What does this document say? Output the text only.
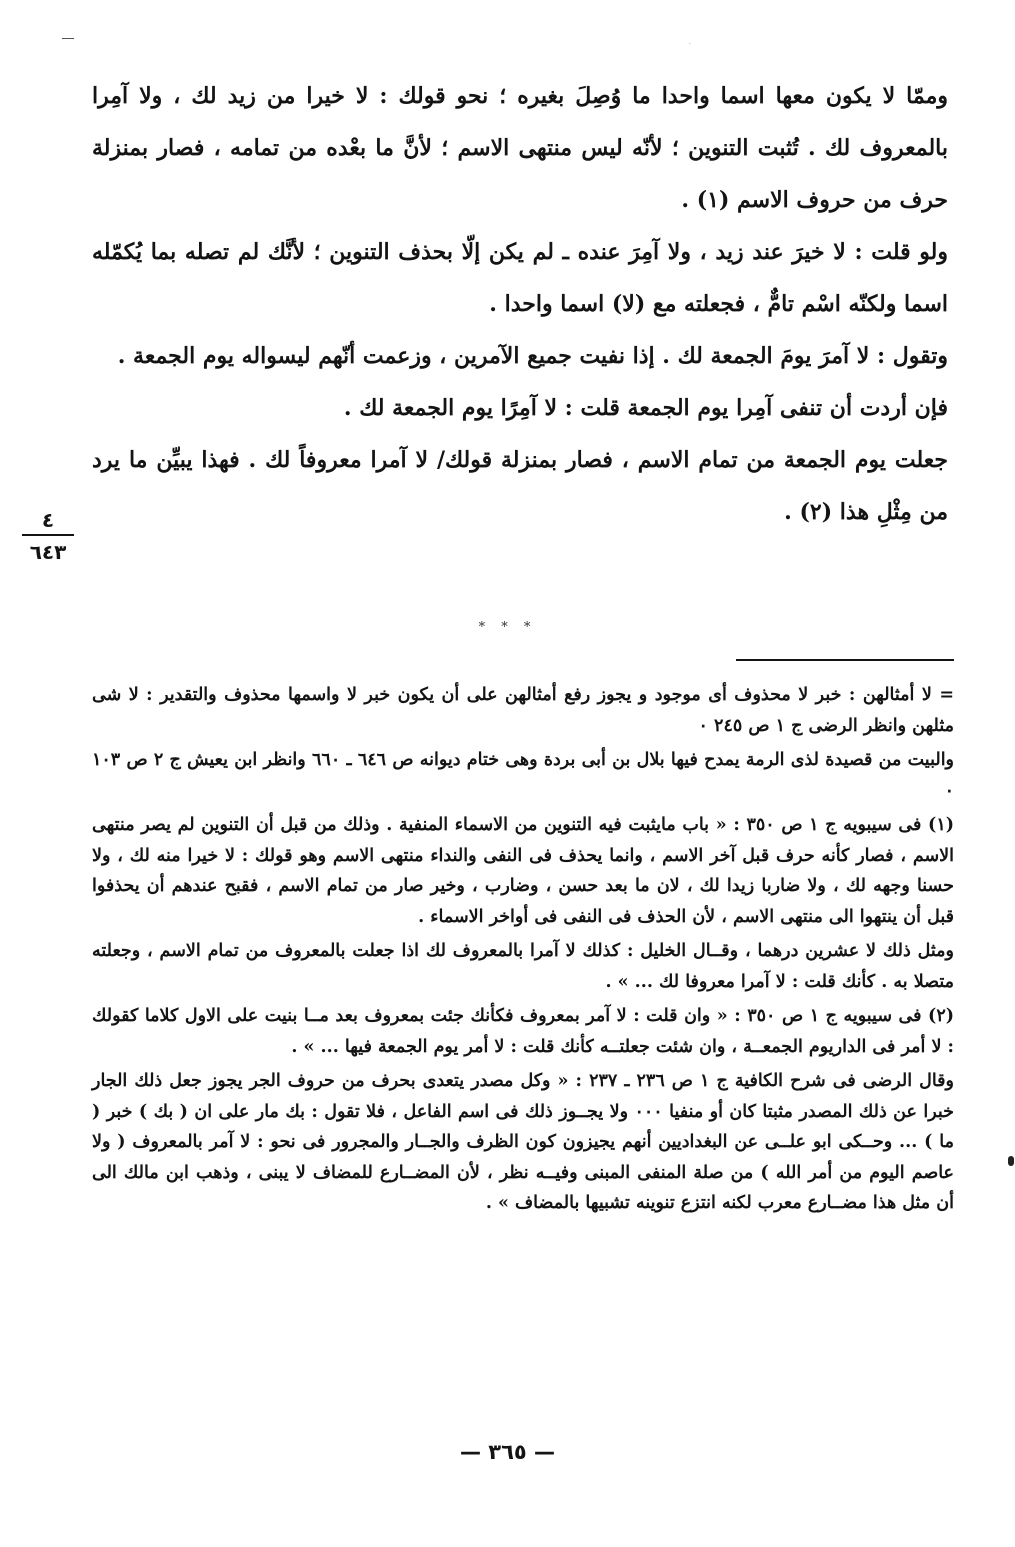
وممّا لا يكون معها اسما واحدا ما وُصِلَ بغيره ؛ نحو قولك : لا خيرا من زيد لك ، ولا آمِرا بالمعروف لك . تُثبت التنوين ؛ لأنّه ليس منتهى الاسم ؛ لأنَّ ما بعْده من تمامه ، فصار بمنزلة حرف من حروف الاسم (١) .

ولو قلت : لا خيرَ عند زيد ، ولا آمِرَ عنده ـ لم يكن إلّا بحذف التنوين ؛ لأنَّك لم تصله بما يُكمّله اسما ولكنّه اسْم تامٌّ ، فجعلته مع (لا) اسما واحدا .

وتقول : لا آمرَ يومَ الجمعة لك . إذا نفيت جميع الآمرين ، وزعمت أنّهم ليسواله يوم الجمعة .

فإن أردت أن تنفى آمِرا يوم الجمعة قلت : لا آمِرًا يوم الجمعة لك .

جعلت يوم الجمعة من تمام الاسم ، فصار بمنزلة قولك/ لا آمرا معروفاً لك . فهذا يبيِّن ما يرد من مِثْلِ هذا (٢) .

٤
٦٤٣
* * *

= لا أمثالهن : خبر لا محذوف أى موجود و يجوز رفع أمثالهن على أن يكون خبر لا واسمها محذوف والتقدير : لا شى مثلهن وانظر الرضى ج ١ ص ٢٤٥ ٠

والبيت من قصيدة لذى الرمة يمدح فيها بلال بن أبى بردة وهى ختام ديوانه ص ٦٤٦ ـ ٦٦٠ وانظر ابن يعيش ج ٢ ص ١٠٣ ٠

(١) فى سيبويه ج ١ ص ٣٥٠ : « باب مايثبت فيه التنوين من الاسماء المنفية . وذلك من قبل أن التنوين لم يصر منتهى الاسم ، فصار كأنه حرف قبل آخر الاسم ، وانما يحذف فى النفى والنداء منتهى الاسم وهو قولك : لا خيرا منه لك ، ولا حسنا وجهه لك ، ولا ضاربا زيدا لك ، لان ما بعد حسن ، وضارب ، وخير صار من تمام الاسم ، فقبح عندهم أن يحذفوا قبل أن ينتهوا الى منتهى الاسم ، لأن الحذف فى النفى فى أواخر الاسماء .

ومثل ذلك لا عشرين درهما ، وقــال الخليل : كذلك لا آمرا بالمعروف لك اذا جعلت بالمعروف من تمام الاسم ، وجعلته متصلا به . كأنك قلت : لا آمرا معروفا لك ... » .

(٢) فى سيبويه ج ١ ص ٣٥٠ : « وان قلت : لا آمر بمعروف فكأنك جئت بمعروف بعد مــا بنيت على الاول كلاما كقولك : لا أمر فى الداريوم الجمعــة ، وان شئت جعلتــه كأنك قلت : لا أمر يوم الجمعة فيها ... » .

وقال الرضى فى شرح الكافية ج ١ ص ٢٣٦ ـ ٢٣٧ : « وكل مصدر يتعدى بحرف من حروف الجر يجوز جعل ذلك الجار خبرا عن ذلك المصدر مثبتا كان أو منفيا ٠٠٠ ولا يجــوز ذلك فى اسم الفاعل ، فلا تقول : بك مار على ان ( بك ) خبر ( ما ) ... وحــكى ابو علــى عن البغداديين أنهم يجيزون كون الظرف والجــار والمجرور فى نحو : لا آمر بالمعروف ( ولا عاصم اليوم من أمر الله ) من صلة المنفى المبنى وفيــه نظر ، لأن المضــارع للمضاف لا يبنى ، وذهب ابن مالك الى أن مثل هذا مضــارع معرب لكنه انتزع تنوينه تشبيها بالمضاف » .

— ٣٦٥ —
